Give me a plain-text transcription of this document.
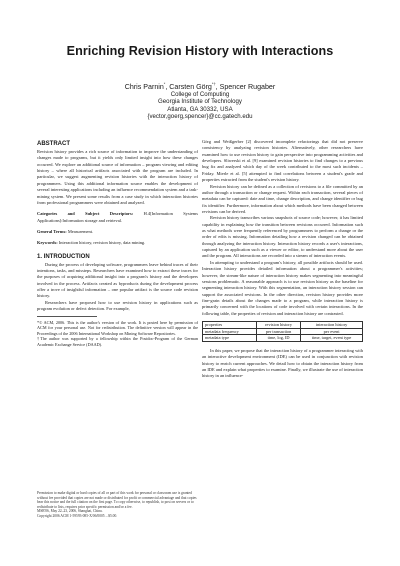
Enriching Revision History with Interactions
Chris Parnin*, Carsten Görg*†, Spencer Rugaber
College of Computing
Georgia Institute of Technology
Atlanta, GA 30332, USA
{vector,goerg,spencer}@cc.gatech.edu
ABSTRACT

Revision history provides a rich source of information to improve the understanding of changes made to programs, but it yields only limited insight into how these changes occurred. We explore an additional source of information – program viewing and editing history – where all historical artifacts associated with the program are included. In particular, we suggest augmenting revision histories with the interaction history of programmers. Using this additional information source enables the development of several interesting applications including an influence recommendation system and a task-mining system. We present some results from a case study in which interaction histories from professional programmers were obtained and analyzed.

Categories and Subject Descriptors: H.4[Information Systems Applications]:Information storage and retrieval.

General Terms: Measurement.

Keywords: Interaction history, revision history, data mining.

1. INTRODUCTION

During the process of developing software, programmers leave behind traces of their intentions, tasks, and missteps. Researchers have examined how to extract these traces for the purposes of acquiring additional insight into a program's history and the developers involved in the process. Artifacts created as byproducts during the development process offer a trove of insightful information – one popular artifact is the source code revision history.

Researchers have proposed how to use revision history in applications such as program evolution or defect detection. For example,

*© ACM, 2006. This is the author's version of the work. It is posted here by permission of ACM for your personal use. Not for redistribution. The definitive version will appear in the Proceedings of the 2006 International Workshop on Mining Software Repositories.

†The author was supported by a fellowship within the Postdoc-Program of the German Academic Exchange Service (DAAD).

Permission to make digital or hard copies of all or part of this work for personal or classroom use is granted without fee provided that copies are not made or distributed for profit or commercial advantage and that copies bear this notice and the full citation on the first page. To copy otherwise, to republish, to post on servers or to redistribute to lists, requires prior specific permission and/or a fee.

MSR'06, May 22–23, 2006, Shanghai, China.

Copyright 2006 ACM 1-59593-085-X/06/0005 ...$5.00.

Görg and Weißgerber [2] discovered incomplete refactorings that did not preserve consistency by analyzing revision histories. Alternatively, other researchers have examined how to use revision history to gain perspective into programming activities and developers. Sliwerski et al. [9] examined revision histories to find changes to a previous bug fix and analyzed which day of the week contributed to the most such incidents – Friday. Mierle et al. [5] attempted to find correlations between a student's grade and properties extracted from the student's revision history.

Revision history can be defined as a collection of revisions to a file committed by an author through a transaction or change request. Within each transaction, several pieces of metadata can be captured: date and time, change description, and change identifier or bug fix identifier. Furthermore, information about which methods have been changed between revisions can be derived.

Revision history transcribes various snapshots of source code; however, it has limited capability in explaining how the transition between revisions occurred. Information such as what methods were frequently referenced by programmers to perform a change or the order of edits is missing. Information detailing how a revision changed can be obtained through analyzing the interaction history. Interaction history records a user's interactions, captured by an application such as a viewer or editor, to understand more about the user and the program. All interactions are recorded into a stream of interaction events.

In attempting to understand a program's history, all possible artifacts should be used. Interaction history provides detailed information about a programmer's activities; however, the stream-like nature of interaction history makes segmenting into meaningful sessions problematic. A reasonable approach is to use revision history as the baseline for segmenting interaction history. With this segmentation, an interaction history session can support the associated revisions. In the other direction, revision history provides more fine-grain details about the changes made to a program, while interaction history is primarily concerned with the locations of code involved with certain interactions. In the following table, the properties of revision and interaction history are contrasted.

properties	revision history	interaction history
metadata frequency	per transaction	per event
metadata type	time, log, ID	time, target, event type

In this paper, we propose that the interaction history of a programmer interacting with an interactive development environment (IDE) can be used in conjunction with revision history to enrich current approaches. We detail how to obtain the interaction history from an IDE and explain what properties to examine. Finally, we illustrate the use of interaction history in an influence-
